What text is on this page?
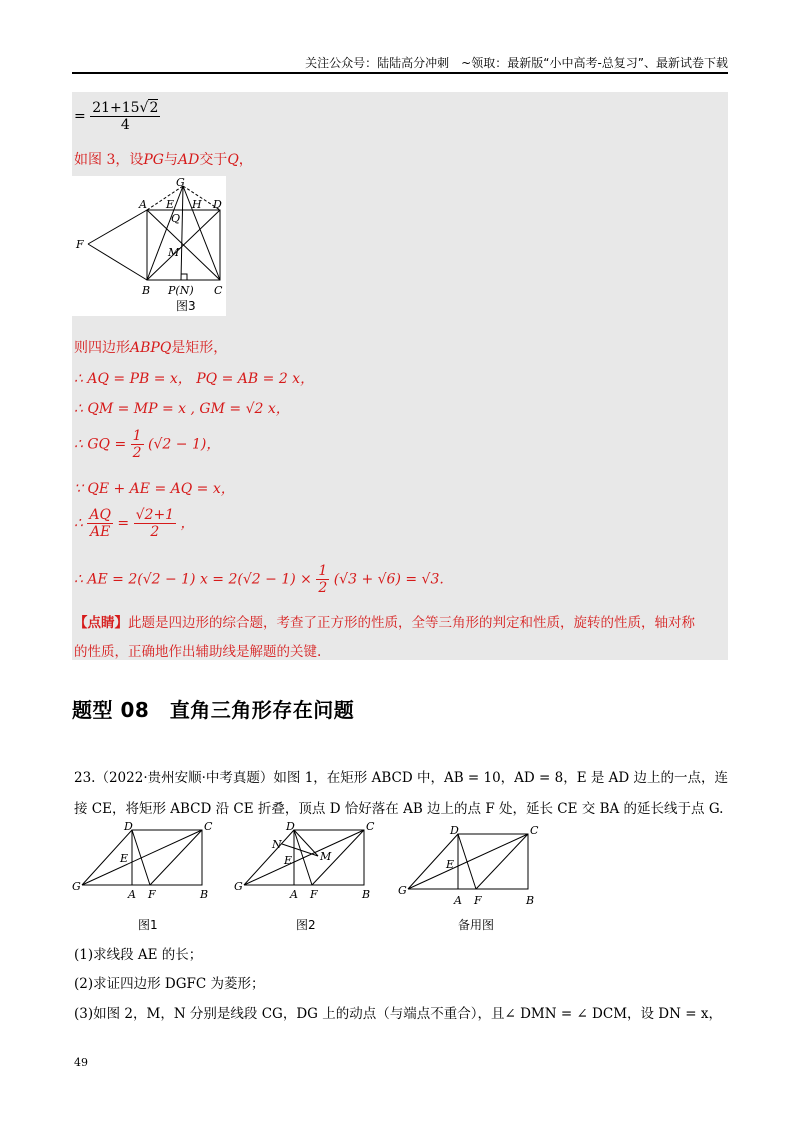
关注公众号：陆陆高分冲刺　~领取：最新版“小中高考-总复习”、最新试卷下载
= $\frac{21+15√2}{4}$
如图 3，设PG与AD交于Q，
G
A E H D
Q
F
M
B P(N) C
图3
则四边形ABPQ是矩形，
∴ AQ = PB = x， PQ = AB = 2 x，
∴ QM = MP = x , GM = √2 x，
∴ GQ = $\frac{1}{2} (√2 - 1)$，
∵ QE + AE = AQ = x，
∴ $\frac{AQ}{AE} = \frac{√2+1}{2}$ ，
∴ AE = 2(√2 − 1) $x = 2(√2 - 1) \times \frac{1}{2} (√3 + √6) = √3$.
【点睛】此题是四边形的综合题，考查了正方形的性质，全等三角形的判定和性质，旋转的性质，轴对称
的性质，正确地作出辅助线是解题的关键.
题型 08　直角三角形存在问题
23.（2022·贵州安顺·中考真题）如图 1，在矩形 ABCD 中，AB = 10，AD = 8，E 是 AD 边上的一点，连
接 CE，将矩形 ABCD 沿 CE 折叠，顶点 D 恰好落在 AB 边上的点 F 处，延长 CE 交 BA 的延长线于点 G.
G
D	C
E
A F	B
图1
G
D	C
N
E	M
A F	B
图2
G
D	C
E
A F	B
备用图
(1)求线段 AE 的长；
(2)求证四边形 DGFC 为菱形；
(3)如图 2，M，N 分别是线段 CG，DG 上的动点（与端点不重合），且∠ DMN = ∠ DCM，设 DN = x，
49
